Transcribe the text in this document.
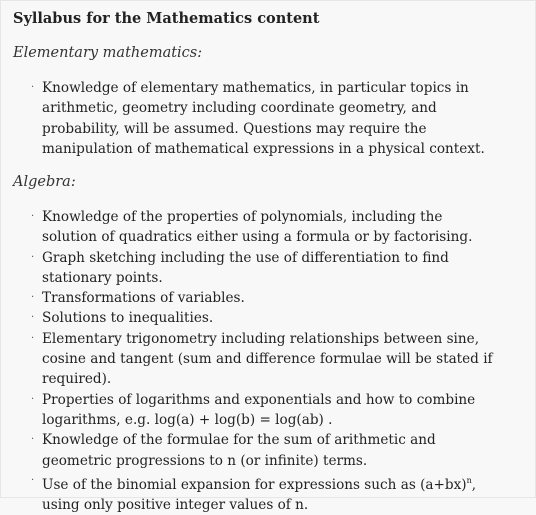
Syllabus for the Mathematics content
Elementary mathematics:
· Knowledge of elementary mathematics, in particular topics in arithmetic, geometry including coordinate geometry, and probability, will be assumed. Questions may require the manipulation of mathematical expressions in a physical context.
Algebra:
· Knowledge of the properties of polynomials, including the solution of quadratics either using a formula or by factorising.
· Graph sketching including the use of differentiation to find stationary points.
· Transformations of variables.
· Solutions to inequalities.
· Elementary trigonometry including relationships between sine, cosine and tangent (sum and difference formulae will be stated if required).
· Properties of logarithms and exponentials and how to combine logarithms, e.g. log(a) + log(b) = log(ab) .
· Knowledge of the formulae for the sum of arithmetic and geometric progressions to n (or infinite) terms.
· Use of the binomial expansion for expressions such as $(a+bx)^n$, using only positive integer values of n.
